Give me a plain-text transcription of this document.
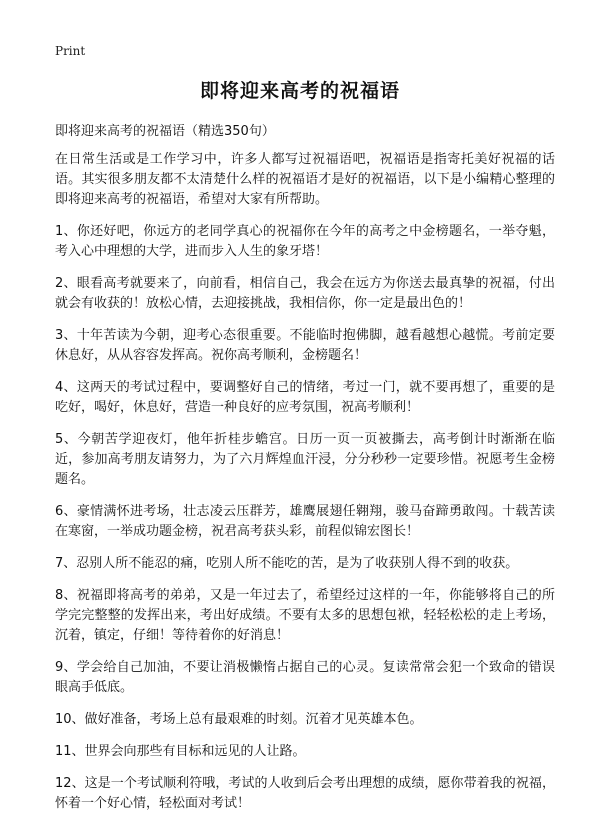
Print
即将迎来高考的祝福语
即将迎来高考的祝福语（精选350句）

在日常生活或是工作学习中，许多人都写过祝福语吧，祝福语是指寄托美好祝福的话语。其实很多朋友都不太清楚什么样的祝福语才是好的祝福语，以下是小编精心整理的即将迎来高考的祝福语，希望对大家有所帮助。

1、你还好吧，你远方的老同学真心的祝福你在今年的高考之中金榜题名，一举夺魁，考入心中理想的大学，进而步入人生的象牙塔！

2、眼看高考就要来了，向前看，相信自己，我会在远方为你送去最真挚的祝福，付出就会有收获的！放松心情，去迎接挑战，我相信你，你一定是最出色的！

3、十年苦读为今朝，迎考心态很重要。不能临时抱佛脚，越看越想心越慌。考前定要休息好，从从容容发挥高。祝你高考顺利，金榜题名！

4、这两天的考试过程中，要调整好自己的情绪，考过一门，就不要再想了，重要的是吃好，喝好，休息好，营造一种良好的应考氛围，祝高考顺利！

5、今朝苦学迎夜灯，他年折桂步蟾宫。日历一页一页被撕去，高考倒计时渐渐在临近，参加高考朋友请努力，为了六月辉煌血汗浸，分分秒秒一定要珍惜。祝愿考生金榜题名。

6、豪情满怀进考场，壮志凌云压群芳，雄鹰展翅任翱翔，骏马奋蹄勇敢闯。十载苦读在寒窗，一举成功题金榜，祝君高考获头彩，前程似锦宏图长！

7、忍别人所不能忍的痛，吃别人所不能吃的苦，是为了收获别人得不到的收获。

8、祝福即将高考的弟弟，又是一年过去了，希望经过这样的一年，你能够将自己的所学完完整整的发挥出来，考出好成绩。不要有太多的思想包袱，轻轻松松的走上考场，沉着，镇定，仔细！等待着你的好消息！

9、学会给自己加油，不要让消极懒惰占据自己的心灵。复读常常会犯一个致命的错误眼高手低底。

10、做好准备，考场上总有最艰难的时刻。沉着才见英雄本色。

11、世界会向那些有目标和远见的人让路。

12、这是一个考试顺利符哦，考试的人收到后会考出理想的成绩，愿你带着我的祝福，怀着一个好心情，轻松面对考试！
